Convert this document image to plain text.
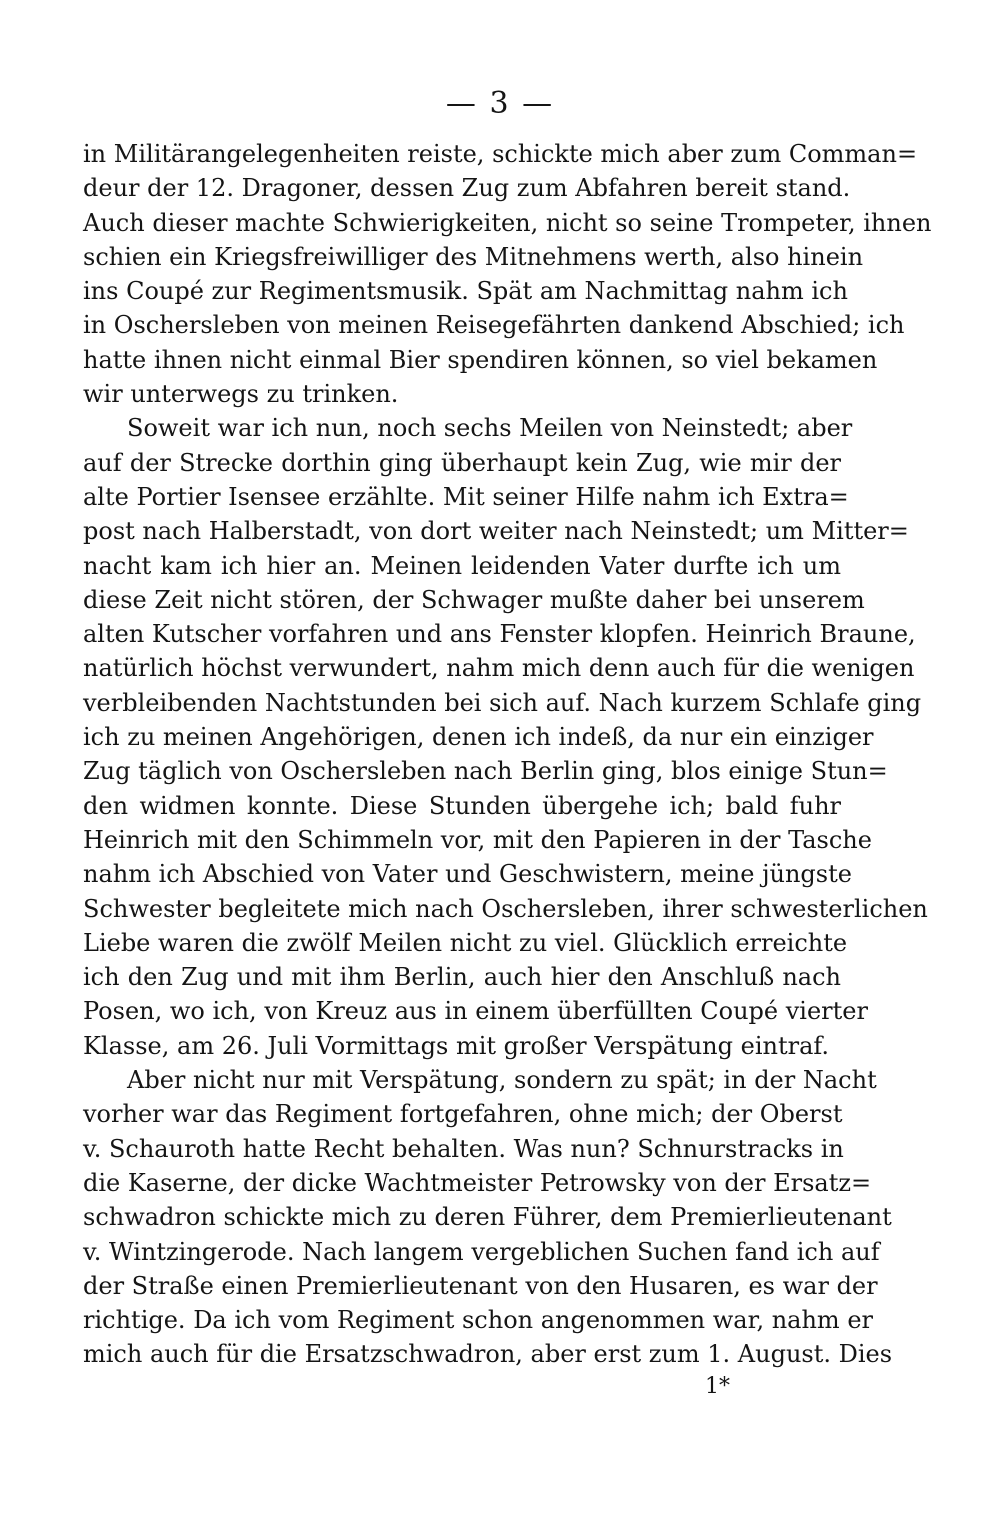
— 3 —
in Militärangelegenheiten reiste, schickte mich aber zum Comman=
deur der 12. Dragoner, dessen Zug zum Abfahren bereit stand.
Auch dieser machte Schwierigkeiten, nicht so seine Trompeter, ihnen
schien ein Kriegsfreiwilliger des Mitnehmens werth, also hinein
ins Coupé zur Regimentsmusik. Spät am Nachmittag nahm ich
in Oschersleben von meinen Reisegefährten dankend Abschied; ich
hatte ihnen nicht einmal Bier spendiren können, so viel bekamen
wir unterwegs zu trinken.
Soweit war ich nun, noch sechs Meilen von Neinstedt; aber
auf der Strecke dorthin ging überhaupt kein Zug, wie mir der
alte Portier Isensee erzählte. Mit seiner Hilfe nahm ich Extra=
post nach Halberstadt, von dort weiter nach Neinstedt; um Mitter=
nacht kam ich hier an. Meinen leidenden Vater durfte ich um
diese Zeit nicht stören, der Schwager mußte daher bei unserem
alten Kutscher vorfahren und ans Fenster klopfen. Heinrich Braune,
natürlich höchst verwundert, nahm mich denn auch für die wenigen
verbleibenden Nachtstunden bei sich auf. Nach kurzem Schlafe ging
ich zu meinen Angehörigen, denen ich indeß, da nur ein einziger
Zug täglich von Oschersleben nach Berlin ging, blos einige Stun=
den widmen konnte. Diese Stunden übergehe ich; bald fuhr
Heinrich mit den Schimmeln vor, mit den Papieren in der Tasche
nahm ich Abschied von Vater und Geschwistern, meine jüngste
Schwester begleitete mich nach Oschersleben, ihrer schwesterlichen
Liebe waren die zwölf Meilen nicht zu viel. Glücklich erreichte
ich den Zug und mit ihm Berlin, auch hier den Anschluß nach
Posen, wo ich, von Kreuz aus in einem überfüllten Coupé vierter
Klasse, am 26. Juli Vormittags mit großer Verspätung eintraf.
Aber nicht nur mit Verspätung, sondern zu spät; in der Nacht
vorher war das Regiment fortgefahren, ohne mich; der Oberst
v. Schauroth hatte Recht behalten. Was nun? Schnurstracks in
die Kaserne, der dicke Wachtmeister Petrowsky von der Ersatz=
schwadron schickte mich zu deren Führer, dem Premierlieutenant
v. Wintzingerode. Nach langem vergeblichen Suchen fand ich auf
der Straße einen Premierlieutenant von den Husaren, es war der
richtige. Da ich vom Regiment schon angenommen war, nahm er
mich auch für die Ersatzschwadron, aber erst zum 1. August. Dies
1*
